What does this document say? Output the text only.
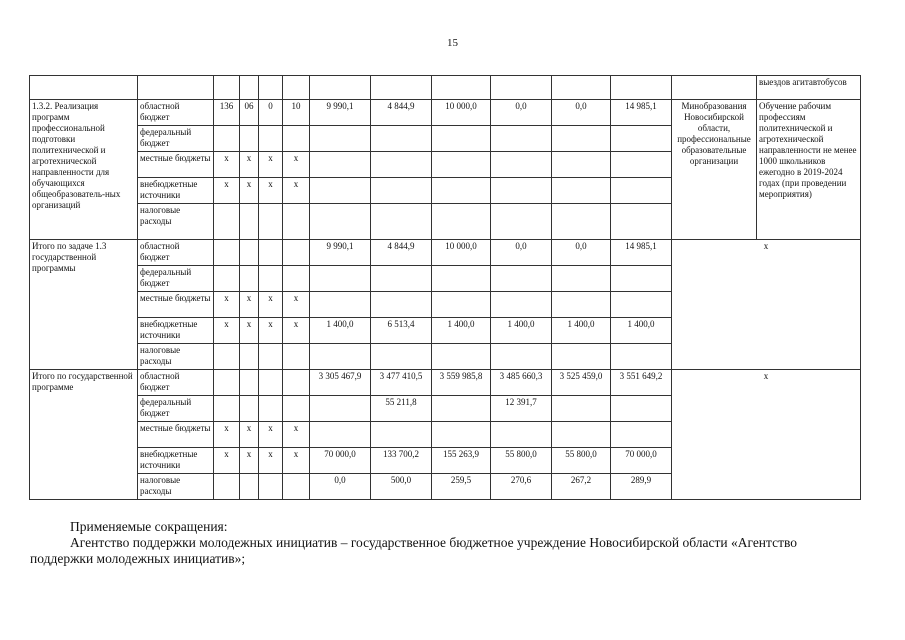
15
													выездов агитавтобусов
1.3.2. Реализация программ профессиональной подготовки политехнической и агротехнической направленности для обучающихся общеобразователь-ных организаций	областной бюджет	136	06	0	10	9 990,1	4 844,9	10 000,0	0,0	0,0	14 985,1	Минобразования Новосибирской области, профессиональные образовательные организации	Обучение рабочим профессиям политехнической и агротехнической направленности не менее 1000 школьников ежегодно в 2019-2024 годах (при проведении мероприятия)
	федеральный бюджет												
	местные бюджеты	х	х	х	х								
	внебюджетные источники	х	х	х	х								
	налоговые расходы												
Итого по задаче 1.3 государственной программы	областной бюджет					9 990,1	4 844,9	10 000,0	0,0	0,0	14 985,1	х	
	федеральный бюджет												
	местные бюджеты	х	х	х	х								
	внебюджетные источники	х	х	х	х	1 400,0	6 513,4	1 400,0	1 400,0	1 400,0	1 400,0		
	налоговые расходы												
Итого по государственной программе	областной бюджет					3 305 467,9	3 477 410,5	3 559 985,8	3 485 660,3	3 525 459,0	3 551 649,2	х	
	федеральный бюджет						55 211,8		12 391,7				
	местные бюджеты	х	х	х	х								
	внебюджетные источники	х	х	х	х	70 000,0	133 700,2	155 263,9	55 800,0	55 800,0	70 000,0		
	налоговые расходы					0,0	500,0	259,5	270,6	267,2	289,9		

Применяемые сокращения:

Агентство поддержки молодежных инициатив – государственное бюджетное учреждение Новосибирской области «Агентство

поддержки молодежных инициатив»;
